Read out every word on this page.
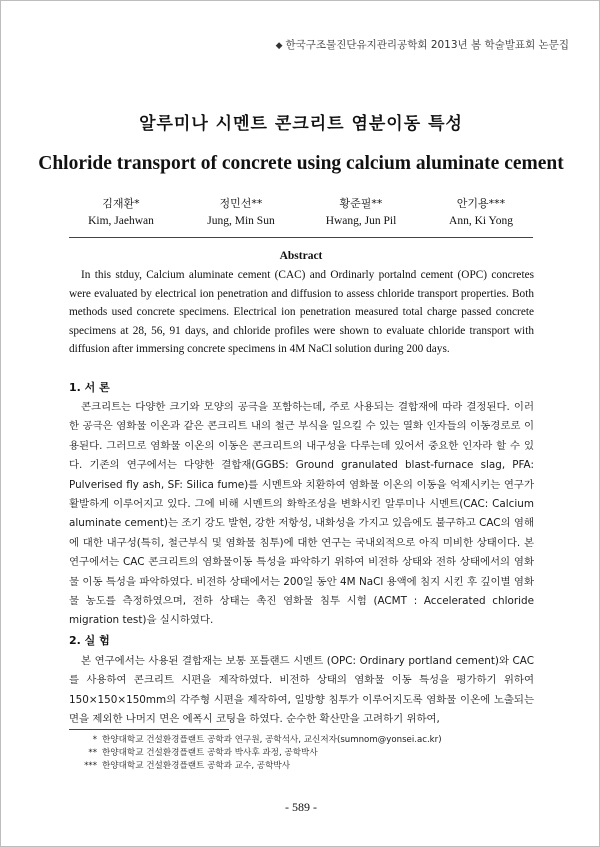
◆ 한국구조물진단유지관리공학회 2013년 봄 학술발표회 논문집
알루미나 시멘트 콘크리트 염분이동 특성
Chloride transport of concrete using calcium aluminate cement
김재환*
Kim, Jaehwan
정민선**
Jung, Min Sun
황준필**
Hwang, Jun Pil
안기용***
Ann, Ki Yong
Abstract
In this stduy, Calcium aluminate cement (CAC) and Ordinarly portalnd cement (OPC) concretes were evaluated by electrical ion penetration and diffusion to assess chloride transport properties. Both methods used concrete specimens. Electrical ion penetration measured total charge passed concrete specimens at 28, 56, 91 days, and chloride profiles were shown to evaluate chloride transport with diffusion after immersing concrete specimens in 4M NaCl solution during 200 days.
1. 서 론
콘크리트는 다양한 크기와 모양의 공극을 포함하는데, 주로 사용되는 결합재에 따라 결정된다. 이러한 공극은 염화물 이온과 같은 콘크리트 내의 철근 부식을 일으킬 수 있는 열화 인자들의 이동경로로 이용된다. 그러므로 염화물 이온의 이동은 콘크리트의 내구성을 다루는데 있어서 중요한 인자라 할 수 있다. 기존의 연구에서는 다양한 결합재(GGBS: Ground granulated blast-furnace slag, PFA: Pulverised fly ash, SF: Silica fume)를 시멘트와 치환하여 염화물 이온의 이동을 억제시키는 연구가 활발하게 이루어지고 있다. 그에 비해 시멘트의 화학조성을 변화시킨 알루미나 시멘트(CAC: Calcium aluminate cement)는 조기 강도 발현, 강한 저항성, 내화성을 가지고 있음에도 불구하고 CAC의 염해에 대한 내구성(특히, 철근부식 및 염화물 침투)에 대한 연구는 국내외적으로 아직 미비한 상태이다. 본 연구에서는 CAC 콘크리트의 염화물이동 특성을 파악하기 위하여 비전하 상태와 전하 상태에서의 염화물 이동 특성을 파악하였다. 비전하 상태에서는 200일 동안 4M NaCl 용액에 침지 시킨 후 깊이별 염화물 농도를 측정하였으며, 전하 상태는 촉진 염화물 침투 시험 (ACMT : Accelerated chloride migration test)을 실시하였다.
2. 실 험
본 연구에서는 사용된 결합재는 보통 포틀랜드 시멘트 (OPC: Ordinary portland cement)와 CAC를 사용하여 콘크리트 시편을 제작하였다. 비전하 상태의 염화물 이동 특성을 평가하기 위하여 150×150×150mm의 각주형 시편을 제작하여, 일방향 침투가 이루어지도록 염화물 이온에 노출되는 면을 제외한 나머지 면은 에폭시 코팅을 하였다. 순수한 확산만을 고려하기 위하여,
* 한양대학교 건설환경플랜트 공학과 연구원, 공학석사, 교신저자(sumnom@yonsei.ac.kr)
** 한양대학교 건설환경플랜트 공학과 박사후 과정, 공학박사
*** 한양대학교 건설환경플랜트 공학과 교수, 공학박사
- 589 -
